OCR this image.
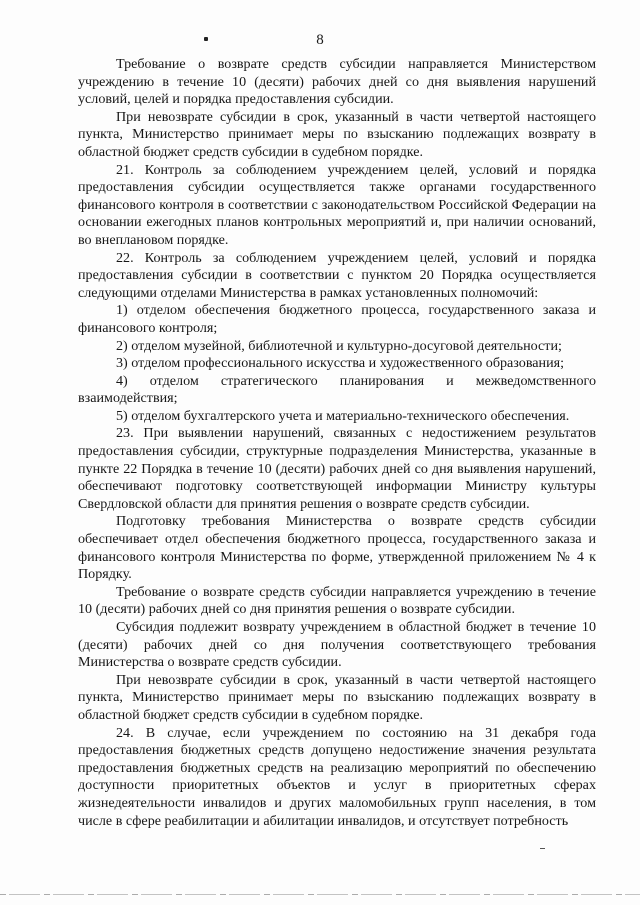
8

Требование о возврате средств субсидии направляется Министерством учреждению в течение 10 (десяти) рабочих дней со дня выявления нарушений условий, целей и порядка предоставления субсидии.

При невозврате субсидии в срок, указанный в части четвертой настоящего пункта, Министерство принимает меры по взысканию подлежащих возврату в областной бюджет средств субсидии в судебном порядке.

21. Контроль за соблюдением учреждением целей, условий и порядка предоставления субсидии осуществляется также органами государственного финансового контроля в соответствии с законодательством Российской Федерации на основании ежегодных планов контрольных мероприятий и, при наличии оснований, во внеплановом порядке.

22. Контроль за соблюдением учреждением целей, условий и порядка предоставления субсидии в соответствии с пунктом 20 Порядка осуществляется следующими отделами Министерства в рамках установленных полномочий:

1) отделом обеспечения бюджетного процесса, государственного заказа и финансового контроля;

2) отделом музейной, библиотечной и культурно-досуговой деятельности;

3) отделом профессионального искусства и художественного образования;

4) отделом стратегического планирования и межведомственного взаимодействия;

5) отделом бухгалтерского учета и материально-технического обеспечения.

23. При выявлении нарушений, связанных с недостижением результатов предоставления субсидии, структурные подразделения Министерства, указанные в пункте 22 Порядка в течение 10 (десяти) рабочих дней со дня выявления нарушений, обеспечивают подготовку соответствующей информации Министру культуры Свердловской области для принятия решения о возврате средств субсидии.

Подготовку требования Министерства о возврате средств субсидии обеспечивает отдел обеспечения бюджетного процесса, государственного заказа и финансового контроля Министерства по форме, утвержденной приложением № 4 к Порядку.

Требование о возврате средств субсидии направляется учреждению в течение 10 (десяти) рабочих дней со дня принятия решения о возврате субсидии.

Субсидия подлежит возврату учреждением в областной бюджет в течение 10 (десяти) рабочих дней со дня получения соответствующего требования Министерства о возврате средств субсидии.

При невозврате субсидии в срок, указанный в части четвертой настоящего пункта, Министерство принимает меры по взысканию подлежащих возврату в областной бюджет средств субсидии в судебном порядке.

24. В случае, если учреждением по состоянию на 31 декабря года предоставления бюджетных средств допущено недостижение значения результата предоставления бюджетных средств на реализацию мероприятий по обеспечению доступности приоритетных объектов и услуг в приоритетных сферах жизнедеятельности инвалидов и других маломобильных групп населения, в том числе в сфере реабилитации и абилитации инвалидов, и отсутствует потребность
